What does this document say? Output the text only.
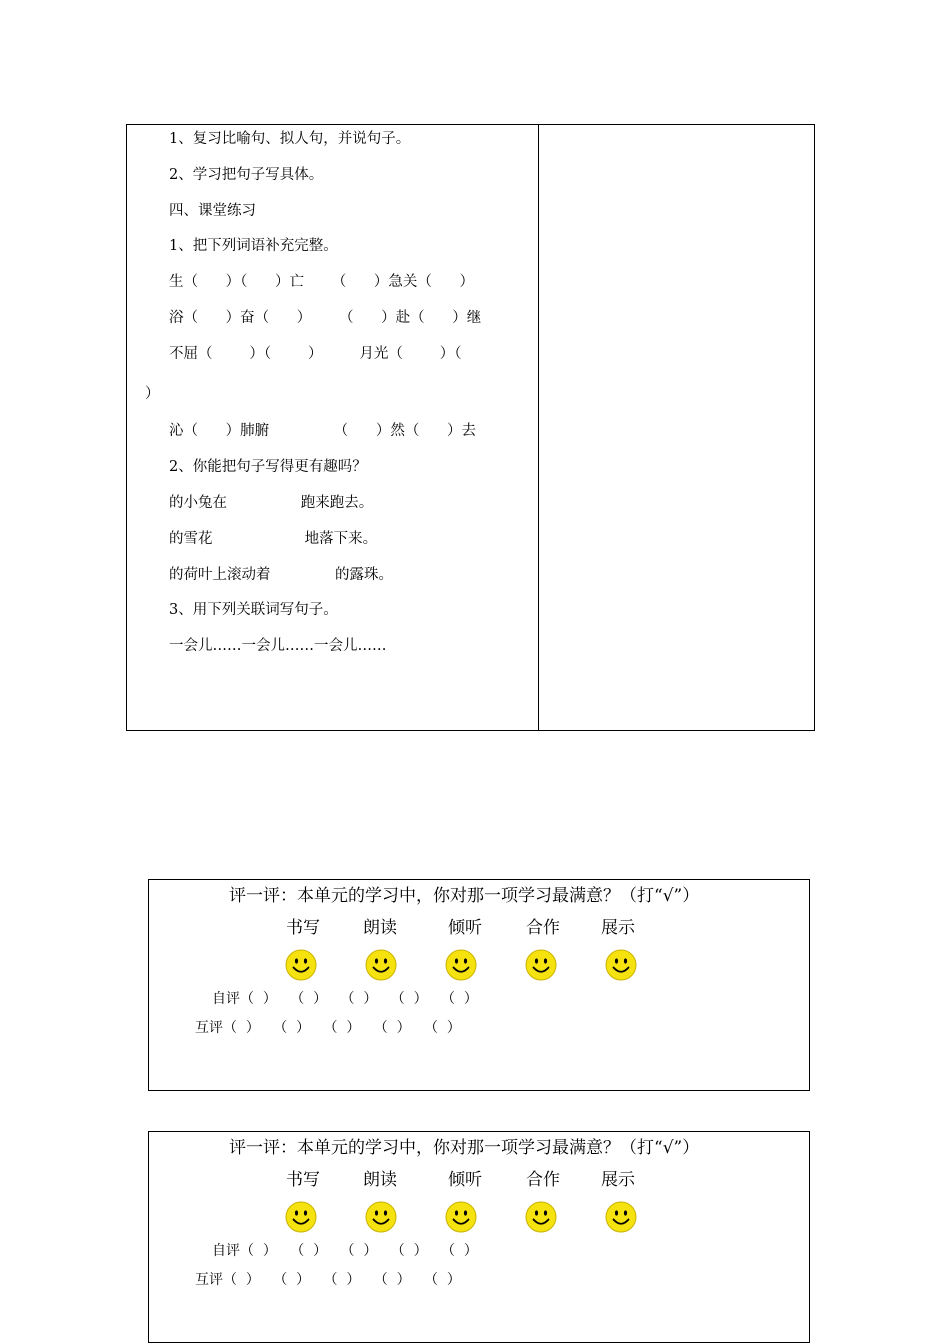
1、复习比喻句、拟人句，并说句子。
2、学习把句子写具体。
四、课堂练习
1、把下列词语补充完整。
生（      ）（      ）亡      （      ）急关（      ）
浴（      ）奋（      ）      （      ）赴（      ）继
不屈（        ）（        ）        月光（        ）（
）
沁（      ）肺腑              （      ）然（      ）去
2、你能把句子写得更有趣吗？
的小兔在                跑来跑去。
的雪花                    地落下来。
的荷叶上滚动着              的露珠。
3、用下列关联词写句子。
一会儿……一会儿……一会儿……
评一评：本单元的学习中，你对那一项学习最满意？（打“√”）
书写	朗读	倾听	合作 展示
自评（  ）   （  ）   （  ）   （  ）   （  ）
互评（  ）   （  ）   （  ）   （  ）   （  ）
评一评：本单元的学习中，你对那一项学习最满意？（打“√”）
书写	朗读	倾听	合作 展示
自评（  ）   （  ）   （  ）   （  ）   （  ）
互评（  ）   （  ）   （  ）   （  ）   （  ）
